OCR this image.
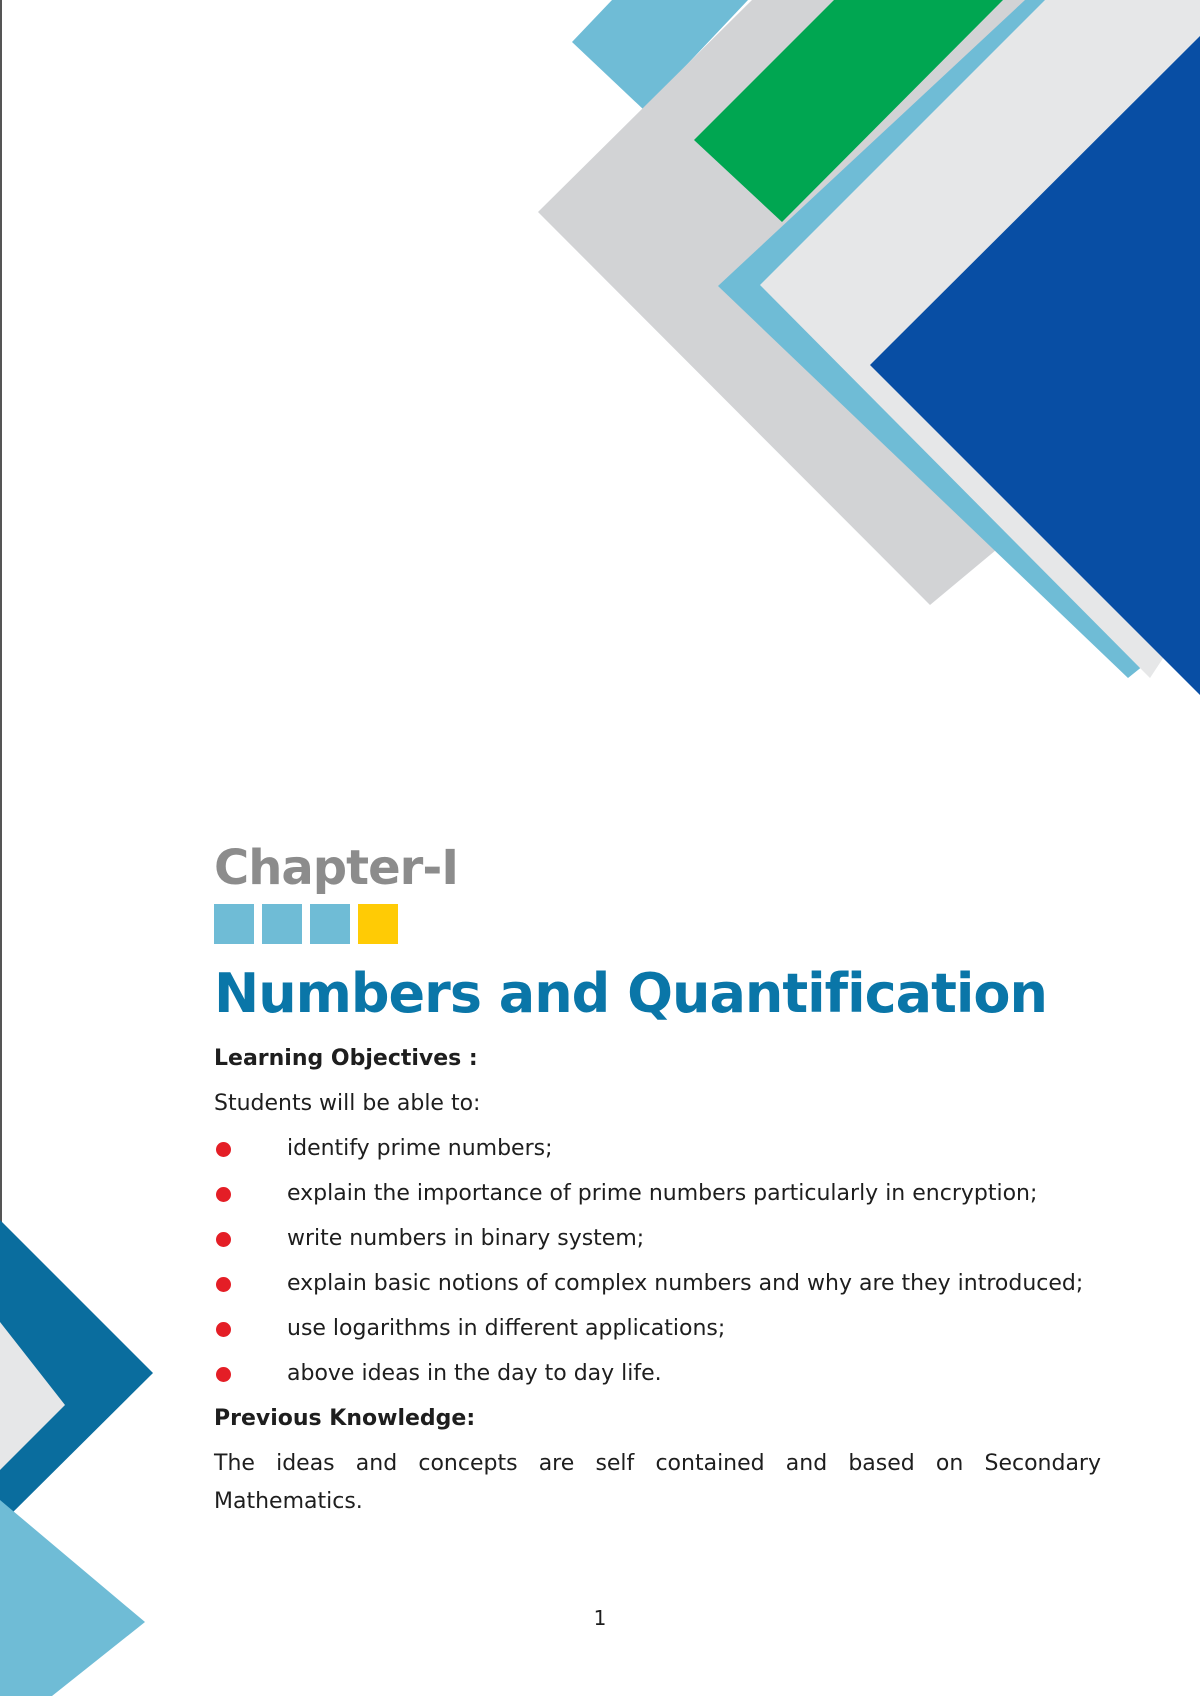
Chapter-I
Numbers and Quantification

Learning Objectives :

Students will be able to:

identify prime numbers;
explain the importance of prime numbers particularly in encryption;
write numbers in binary system;
explain basic notions of complex numbers and why are they introduced;
use logarithms in different applications;
above ideas in the day to day life.

Previous Knowledge:

The ideas and concepts are self contained and based on Secondary Mathematics.

1
